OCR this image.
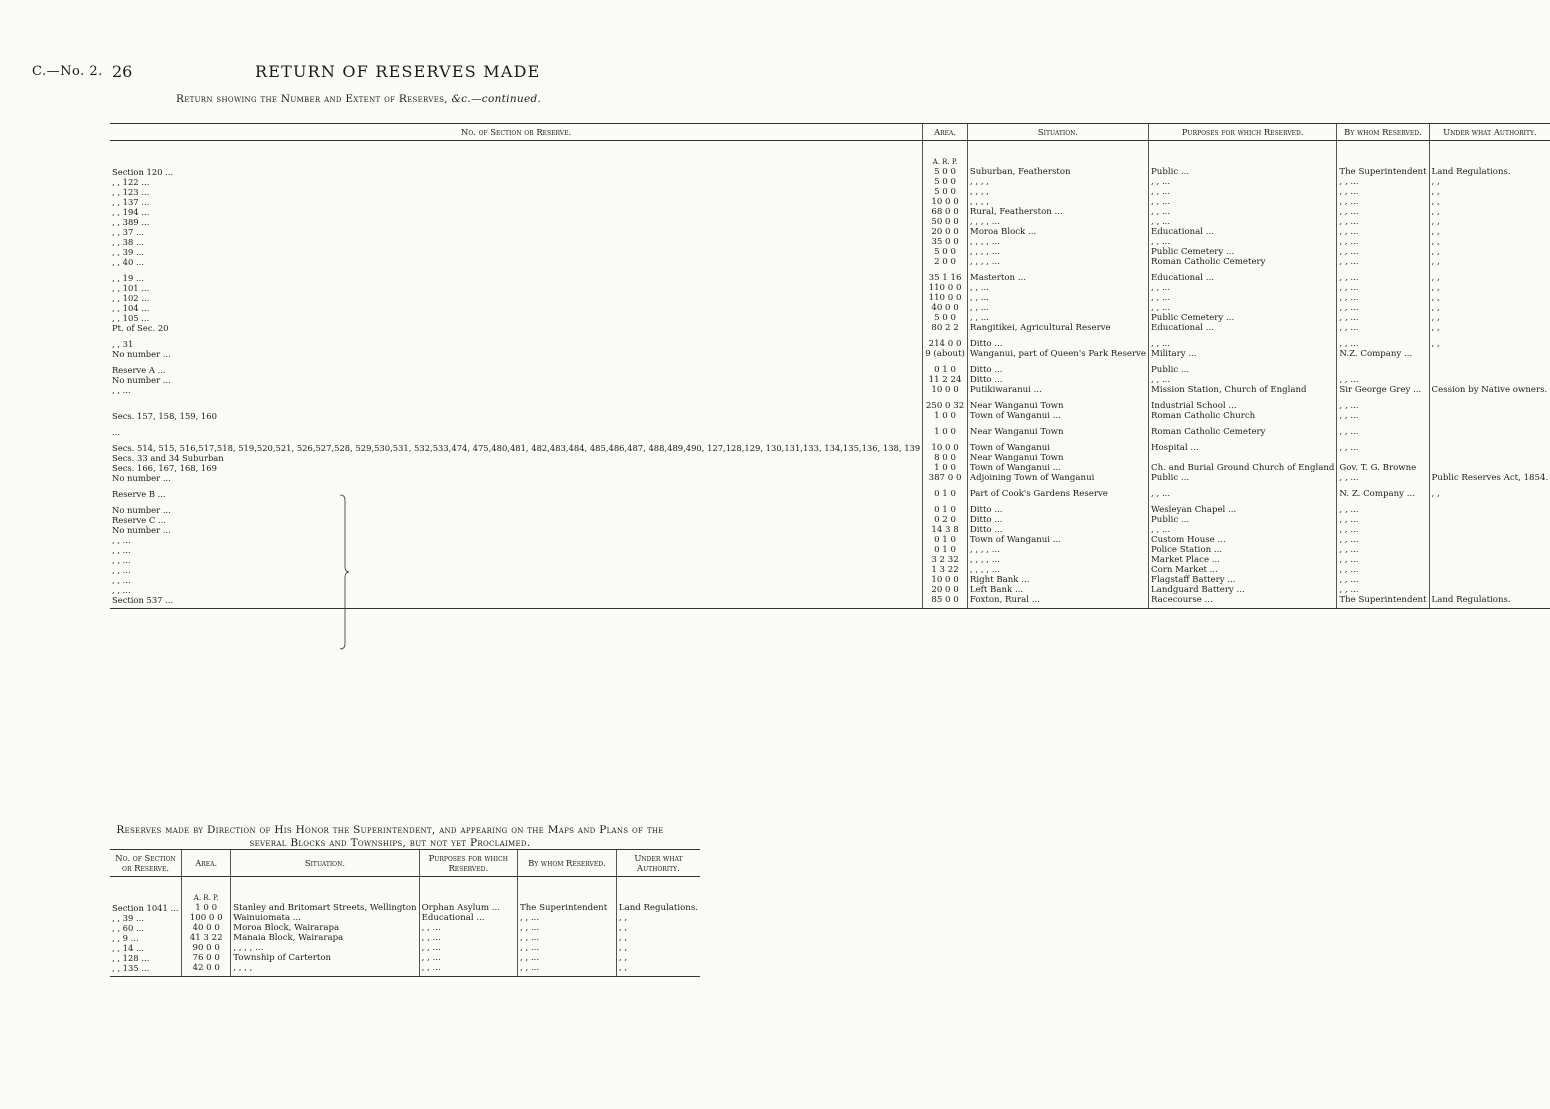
C.—No. 2. 26	RETURN OF RESERVES MADE
Return showing the Number and Extent of Reserves, &c.—continued.
No. of Section or Reserve.	Area.	Situation.	Purposes for which Reserved.	By whom Reserved.	Under what Authority.
	A. R. P.				
Section 120 ...	5 0 0	Suburban, Featherston	Public ...	The Superintendent	Land Regulations.
, , 122 ...	5 0 0	, , , ,	, , ...	, , ...	, ,
, , 123 ...	5 0 0	, , , ,	, , ...	, , ...	, ,
, , 137 ...	10 0 0	, , , ,	, , ...	, , ...	, ,
, , 194 ...	68 0 0	Rural, Featherston ...	, , ...	, , ...	, ,
, , 389 ...	50 0 0	, , , , ...	, , ...	, , ...	, ,
, , 37 ...	20 0 0	Moroa Block ...	Educational ...	, , ...	, ,
, , 38 ...	35 0 0	, , , , ...	, , ...	, , ...	, ,
, , 39 ...	5 0 0	, , , , ...	Public Cemetery ...	, , ...	, ,
, , 40 ...	2 0 0	, , , , ...	Roman Catholic Cemetery	, , ...	, ,
, , 19 ...	35 1 16	Masterton ...	Educational ...	, , ...	, ,
, , 101 ...	110 0 0	, , ...	, , ...	, , ...	, ,
, , 102 ...	110 0 0	, , ...	, , ...	, , ...	, ,
, , 104 ...	40 0 0	, , ...	, , ...	, , ...	, ,
, , 105 ...	5 0 0	, , ...	Public Cemetery ...	, , ...	, ,
Pt. of Sec. 20	80 2 2	Rangitikei, Agricultural Reserve	Educational ...	, , ...	, ,
, , 31	214 0 0	Ditto ...	, , ...	, , ...	, ,
No number ...	9 (about)	Wanganui, part of Queen's Park Reserve	Military ...	N.Z. Company ...	
Reserve A ...	0 1 0	Ditto ...	Public ...		
No number ...	11 2 24	Ditto ...	, , ...	, , ...	
, , ...	10 0 0	Putikiwaranui ...	Mission Station, Church of England	Sir George Grey ...	Cession by Native owners.
	250 0 32	Near Wanganui Town	Industrial School ...	, , ...	
Secs. 157, 158, 159, 160	1 0 0	Town of Wanganui ...	Roman Catholic Church	, , ...	
...	1 0 0	Near Wanganui Town	Roman Catholic Cemetery	, , ...	
Secs. 514, 515, 516,517,518, 519,520,521, 526,527,528, 529,530,531, 532,533,474, 475,480,481, 482,483,484, 485,486,487, 488,489,490, 127,128,129, 130,131,133, 134,135,136, 138, 139	10 0 0	Town of Wanganui	Hospital ...	, , ...	
Secs. 33 and 34 Suburban	8 0 0	Near Wanganui Town			
Secs. 166, 167, 168, 169	1 0 0	Town of Wanganui ...	Ch. and Burial Ground Church of England	Gov. T. G. Browne	
No number ...	387 0 0	Adjoining Town of Wanganui	Public ...	, , ...	Public Reserves Act, 1854.
Reserve B ...	0 1 0	Part of Cook's Gardens Reserve	, , ...	N. Z. Company ...	, ,
No number ...	0 1 0	Ditto ...	Wesleyan Chapel ...	, , ...	
Reserve C ...	0 2 0	Ditto ...	Public ...	, , ...	
No number ...	14 3 8	Ditto ...	, , ...	, , ...	
, , ...	0 1 0	Town of Wanganui ...	Custom House ...	, , ...	
, , ...	0 1 0	, , , , ...	Police Station ...	, , ...	
, , ...	3 2 32	, , , , ...	Market Place ...	, , ...	
, , ...	1 3 22	, , , , ...	Corn Market ...	, , ...	
, , ...	10 0 0	Right Bank ...	Flagstaff Battery ...	, , ...	
, , ...	20 0 0	Left Bank ...	Landguard Battery ...	, , ...	
Section 537 ...	85 0 0	Foxton, Rural ...	Racecourse ...	The Superintendent	Land Regulations.
Reserves made by Direction of His Honor the Superintendent, and appearing on the Maps and Plans of the several Blocks and Townships, but not yet Proclaimed.
No. of Section or Reserve.	Area.	Situation.	Purposes for which Reserved.	By whom Reserved.	Under what Authority.
	A. R. P.				
Section 1041 ...	1 0 0	Stanley and Britomart Streets, Wellington	Orphan Asylum ...	The Superintendent	Land Regulations.
, , 39 ...	100 0 0	Wainuiomata ...	Educational ...	, , ...	, ,
, , 60 ...	40 0 0	Moroa Block, Wairarapa	, , ...	, , ...	, ,
, , 9 ...	41 3 22	Manaia Block, Wairarapa	, , ...	, , ...	, ,
, , 14 ...	90 0 0	, , , , ...	, , ...	, , ...	, ,
, , 128 ...	76 0 0	Township of Carterton	, , ...	, , ...	, ,
, , 135 ...	42 0 0	, , , ,	, , ...	, , ...	, ,
